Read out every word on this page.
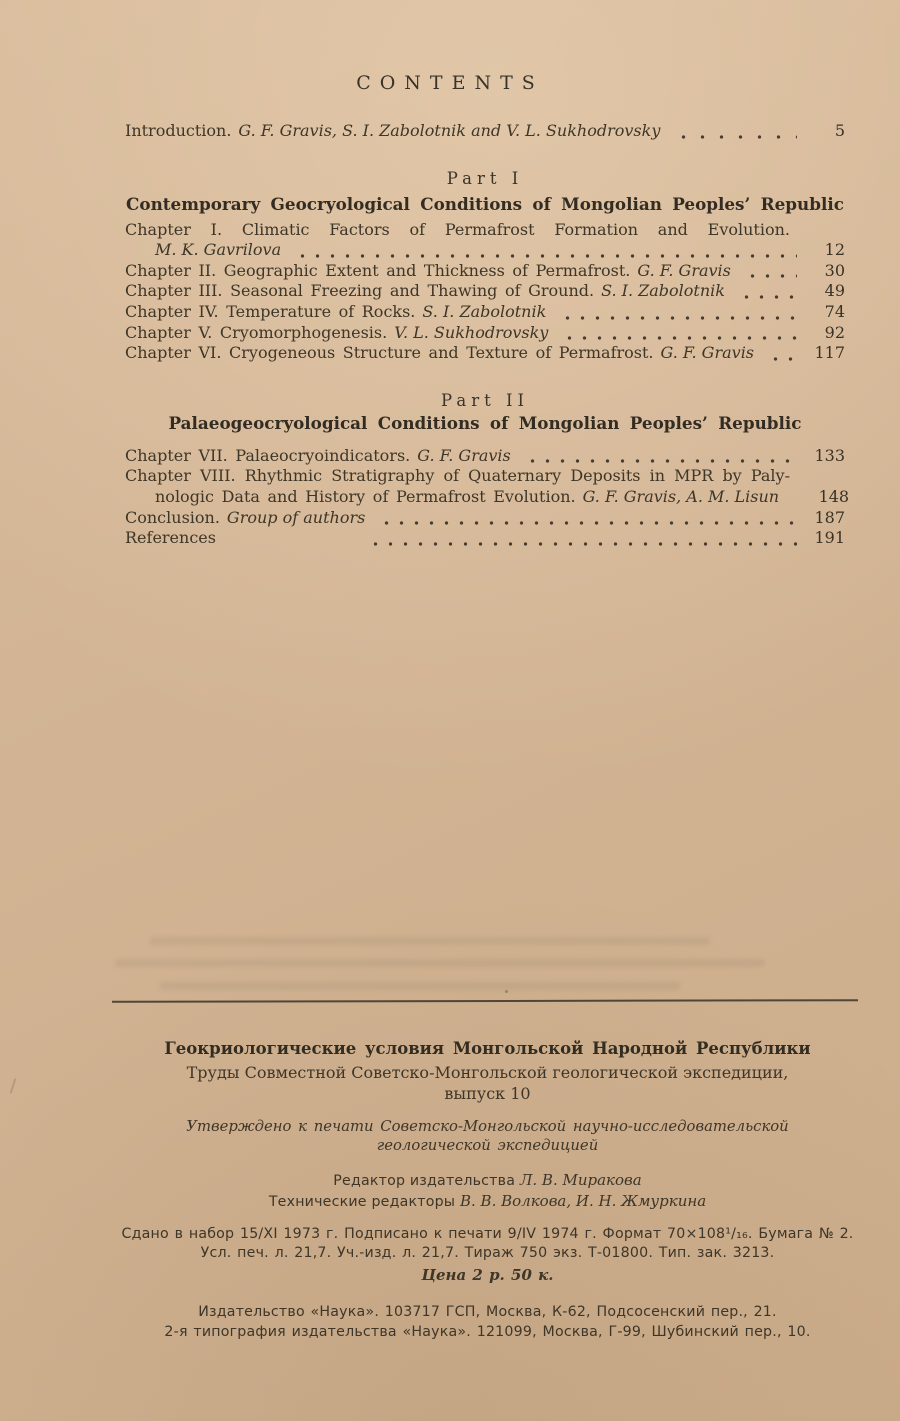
CONTENTS
Introduction. G. F. Gravis, S. I. Zabolotnik and V. L. Sukhodrovsky	5
Part I
Contemporary Geocryological Conditions of Mongolian Peoples’ Republic
Chapter I. Climatic Factors of Permafrost Formation and Evolution.
M. K. Gavrilova	12
Chapter II. Geographic Extent and Thickness of Permafrost. G. F. Gravis	30
Chapter III. Seasonal Freezing and Thawing of Ground. S. I. Zabolotnik	49
Chapter IV. Temperature of Rocks. S. I. Zabolotnik	74
Chapter V. Cryomorphogenesis. V. L. Sukhodrovsky	92
Chapter VI. Cryogeneous Structure and Texture of Permafrost. G. F. Gravis	117
Part II
Palaeogeocryological Conditions of Mongolian Peoples’ Republic
Chapter VII. Palaeocryoindicators. G. F. Gravis	133
Chapter VIII. Rhythmic Stratigraphy of Quaternary Deposits in MPR by Paly-
nologic Data and History of Permafrost Evolution. G. F. Gravis, A. M. Lisun	148
Conclusion. Group of authors	187
References	191
Геокриологические условия Монгольской Народной Республики
Труды Совместной Советско-Монгольской геологической экспедиции,
выпуск 10
Утверждено к печати Советско-Монгольской научно-исследовательской
геологической экспедицией
Редактор издательства Л. В. Миракова
Технические редакторы В. В. Волкова, И. Н. Жмуркина
Сдано в набор 15/XI 1973 г. Подписано к печати 9/IV 1974 г. Формат 70×108¹/₁₆. Бумага № 2.
Усл. печ. л. 21,7. Уч.-изд. л. 21,7. Тираж 750 экз. Т-01800. Тип. зак. 3213.
Цена 2 р. 50 к.
Издательство «Наука». 103717 ГСП, Москва, К-62, Подсосенский пер., 21.
2-я типография издательства «Наука». 121099, Москва, Г-99, Шубинский пер., 10.
